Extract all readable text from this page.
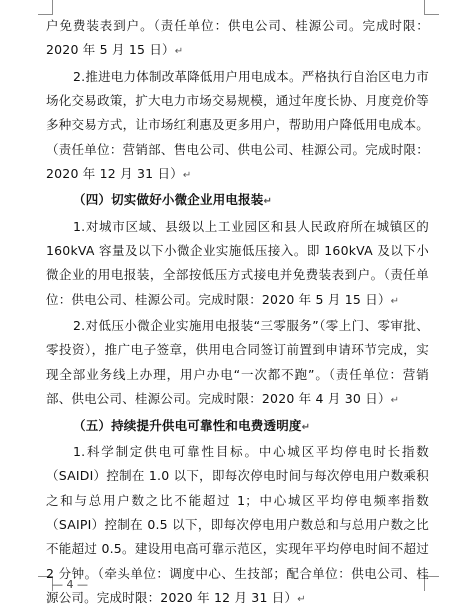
户免费装表到户。（责任单位：供电公司、桂源公司。完成时限：2020 年 5 月 15 日）↵

2.推进电力体制改革降低用户用电成本。严格执行自治区电力市场化交易政策，扩大电力市场交易规模，通过年度长协、月度竞价等多种交易方式，让市场红利惠及更多用户，帮助用户降低用电成本。（责任单位：营销部、售电公司、供电公司、桂源公司。完成时限：2020 年 12 月 31 日）↵

（四）切实做好小微企业用电报装↵

1.对城市区域、县级以上工业园区和县人民政府所在城镇区的 160kVA 容量及以下小微企业实施低压接入。即 160kVA 及以下小微企业的用电报装，全部按低压方式接电并免费装表到户。（责任单位：供电公司、桂源公司。完成时限：2020 年 5 月 15 日）↵

2.对低压小微企业实施用电报装“三零服务”（零上门、零审批、零投资），推广电子签章，供用电合同签订前置到申请环节完成，实现全部业务线上办理，用户办电“一次都不跑”。（责任单位：营销部、供电公司、桂源公司。完成时限：2020 年 4 月 30 日）↵

（五）持续提升供电可靠性和电费透明度↵

1.科学制定供电可靠性目标。中心城区平均停电时长指数（SAIDI）控制在 1.0 以下，即每次停电时间与每次停电用户数乘积之和与总用户数之比不能超过 1；中心城区平均停电频率指数（SAIPI）控制在 0.5 以下，即每次停电用户数总和与总用户数之比不能超过 0.5。建设用电高可靠示范区，实现年平均停电时间不超过 2 分钟。（牵头单位：调度中心、生技部；配合单位：供电公司、桂源公司。完成时限：2020 年 12 月 31 日）↵

— 4 —
